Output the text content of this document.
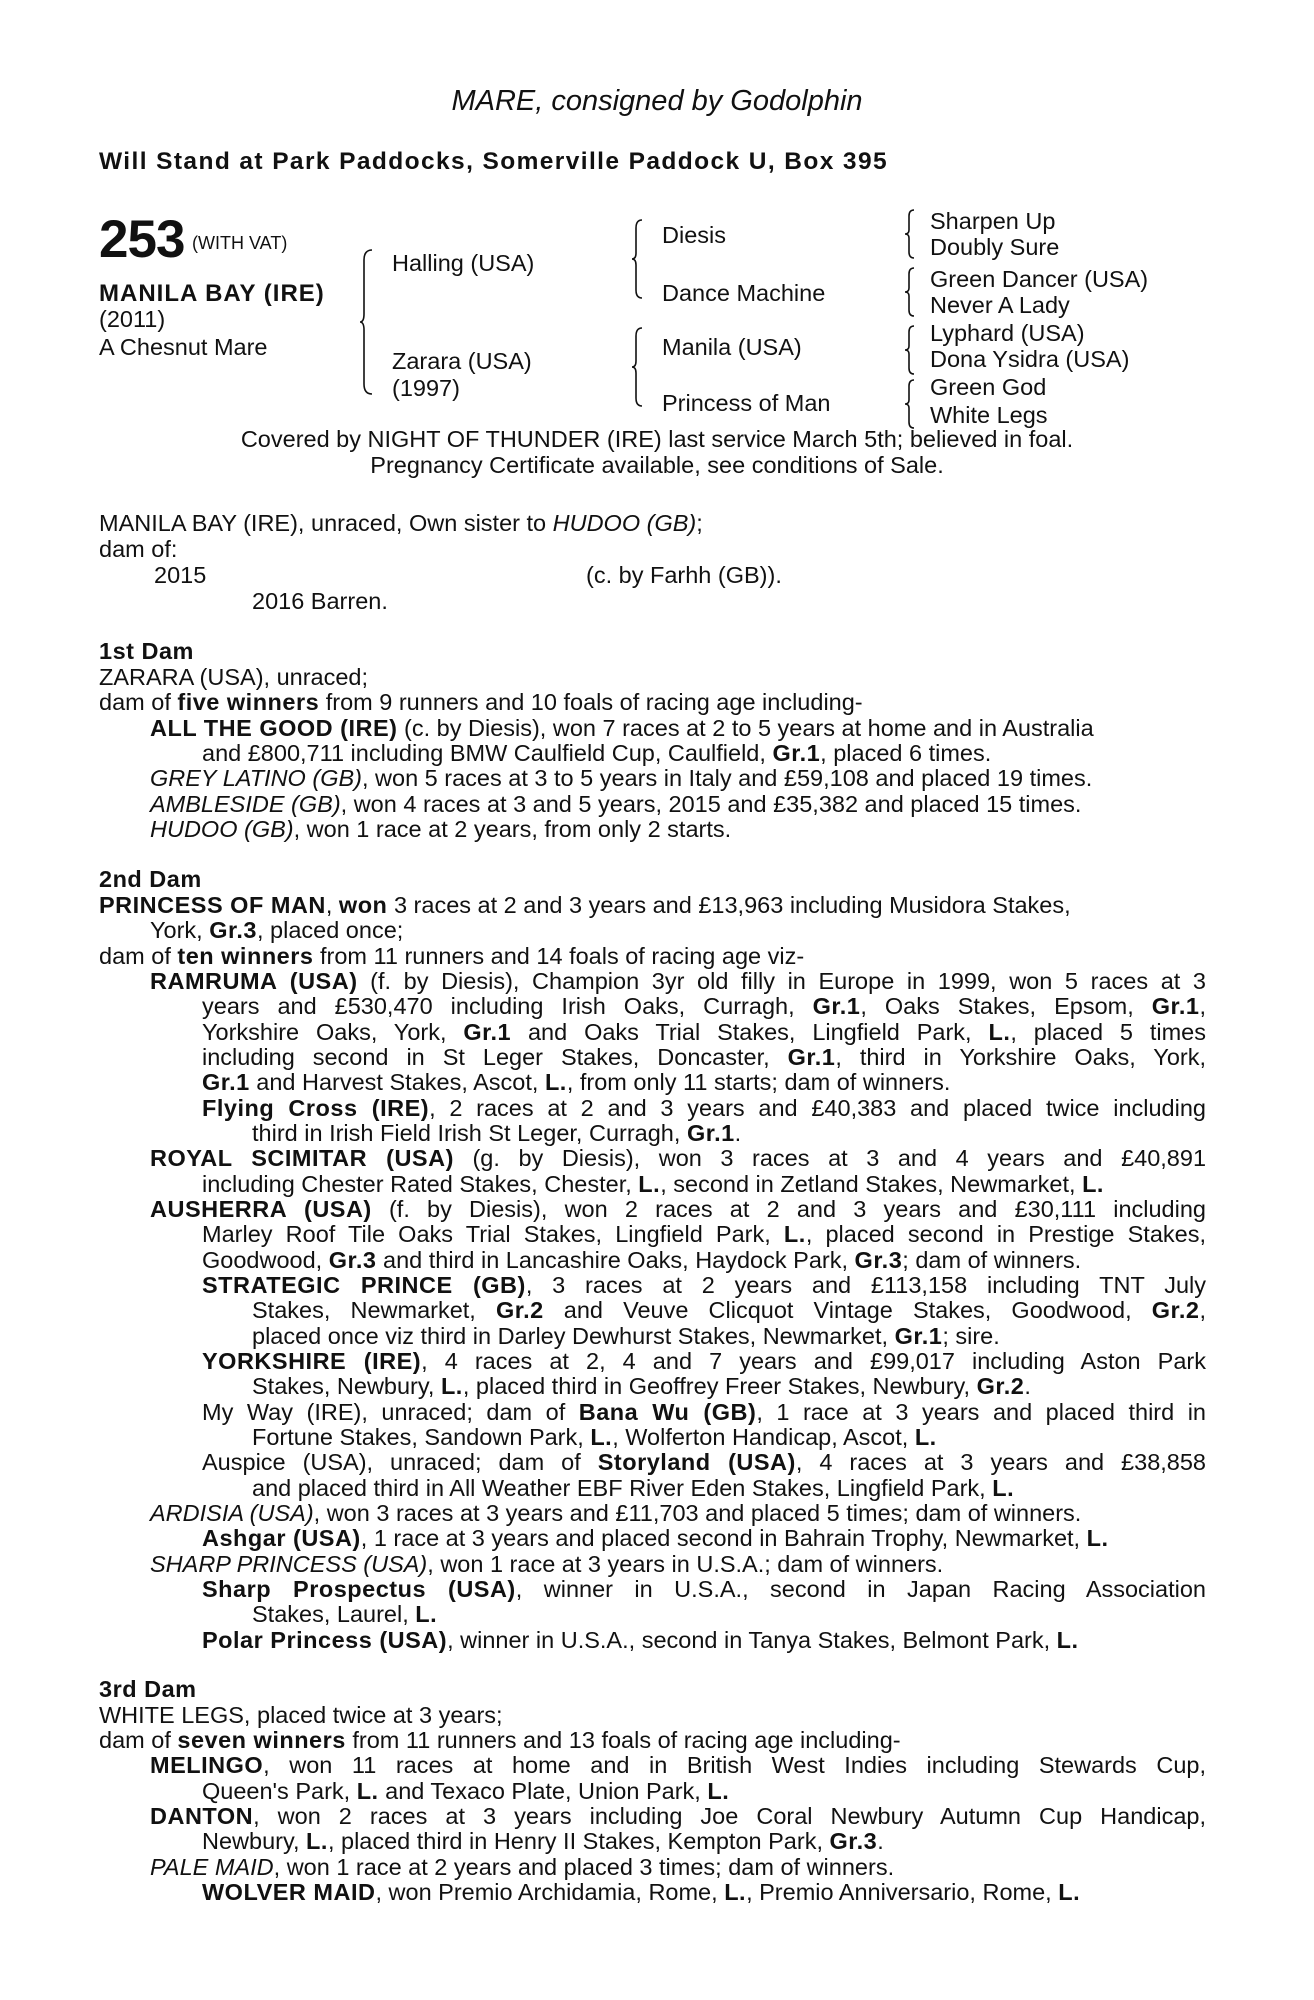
MARE, consigned by Godolphin
Will Stand at Park Paddocks, Somerville Paddock U, Box 395
253 (WITH VAT)
MANILA BAY (IRE)
(2011)
A Chesnut Mare
Halling (USA)
Zarara (USA)
(1997)
Diesis
Dance Machine
Manila (USA)
Princess of Man
Sharpen Up
Doubly Sure
Green Dancer (USA)
Never A Lady
Lyphard (USA)
Dona Ysidra (USA)
Green God
White Legs
Covered by NIGHT OF THUNDER (IRE) last service March 5th; believed in foal.
Pregnancy Certificate available, see conditions of Sale.
MANILA BAY (IRE), unraced, Own sister to HUDOO (GB);
dam of:
2015	(c. by Farhh (GB)).
2016 Barren.
1st Dam
ZARARA (USA), unraced;
dam of five winners from 9 runners and 10 foals of racing age including-
ALL THE GOOD (IRE) (c. by Diesis), won 7 races at 2 to 5 years at home and in Australia
and £800,711 including BMW Caulfield Cup, Caulfield, Gr.1, placed 6 times.
GREY LATINO (GB), won 5 races at 3 to 5 years in Italy and £59,108 and placed 19 times.
AMBLESIDE (GB), won 4 races at 3 and 5 years, 2015 and £35,382 and placed 15 times.
HUDOO (GB), won 1 race at 2 years, from only 2 starts.
2nd Dam
PRINCESS OF MAN, won 3 races at 2 and 3 years and £13,963 including Musidora Stakes,
York, Gr.3, placed once;
dam of ten winners from 11 runners and 14 foals of racing age viz-
RAMRUMA (USA) (f. by Diesis), Champion 3yr old filly in Europe in 1999, won 5 races at 3
years and £530,470 including Irish Oaks, Curragh, Gr.1, Oaks Stakes, Epsom, Gr.1,
Yorkshire Oaks, York, Gr.1 and Oaks Trial Stakes, Lingfield Park, L., placed 5 times
including second in St Leger Stakes, Doncaster, Gr.1, third in Yorkshire Oaks, York,
Gr.1 and Harvest Stakes, Ascot, L., from only 11 starts; dam of winners.
Flying Cross (IRE), 2 races at 2 and 3 years and £40,383 and placed twice including
third in Irish Field Irish St Leger, Curragh, Gr.1.
ROYAL SCIMITAR (USA) (g. by Diesis), won 3 races at 3 and 4 years and £40,891
including Chester Rated Stakes, Chester, L., second in Zetland Stakes, Newmarket, L.
AUSHERRA (USA) (f. by Diesis), won 2 races at 2 and 3 years and £30,111 including
Marley Roof Tile Oaks Trial Stakes, Lingfield Park, L., placed second in Prestige Stakes,
Goodwood, Gr.3 and third in Lancashire Oaks, Haydock Park, Gr.3; dam of winners.
STRATEGIC PRINCE (GB), 3 races at 2 years and £113,158 including TNT July
Stakes, Newmarket, Gr.2 and Veuve Clicquot Vintage Stakes, Goodwood, Gr.2,
placed once viz third in Darley Dewhurst Stakes, Newmarket, Gr.1; sire.
YORKSHIRE (IRE), 4 races at 2, 4 and 7 years and £99,017 including Aston Park
Stakes, Newbury, L., placed third in Geoffrey Freer Stakes, Newbury, Gr.2.
My Way (IRE), unraced; dam of Bana Wu (GB), 1 race at 3 years and placed third in
Fortune Stakes, Sandown Park, L., Wolferton Handicap, Ascot, L.
Auspice (USA), unraced; dam of Storyland (USA), 4 races at 3 years and £38,858
and placed third in All Weather EBF River Eden Stakes, Lingfield Park, L.
ARDISIA (USA), won 3 races at 3 years and £11,703 and placed 5 times; dam of winners.
Ashgar (USA), 1 race at 3 years and placed second in Bahrain Trophy, Newmarket, L.
SHARP PRINCESS (USA), won 1 race at 3 years in U.S.A.; dam of winners.
Sharp Prospectus (USA), winner in U.S.A., second in Japan Racing Association
Stakes, Laurel, L.
Polar Princess (USA), winner in U.S.A., second in Tanya Stakes, Belmont Park, L.
3rd Dam
WHITE LEGS, placed twice at 3 years;
dam of seven winners from 11 runners and 13 foals of racing age including-
MELINGO, won 11 races at home and in British West Indies including Stewards Cup,
Queen's Park, L. and Texaco Plate, Union Park, L.
DANTON, won 2 races at 3 years including Joe Coral Newbury Autumn Cup Handicap,
Newbury, L., placed third in Henry II Stakes, Kempton Park, Gr.3.
PALE MAID, won 1 race at 2 years and placed 3 times; dam of winners.
WOLVER MAID, won Premio Archidamia, Rome, L., Premio Anniversario, Rome, L.
